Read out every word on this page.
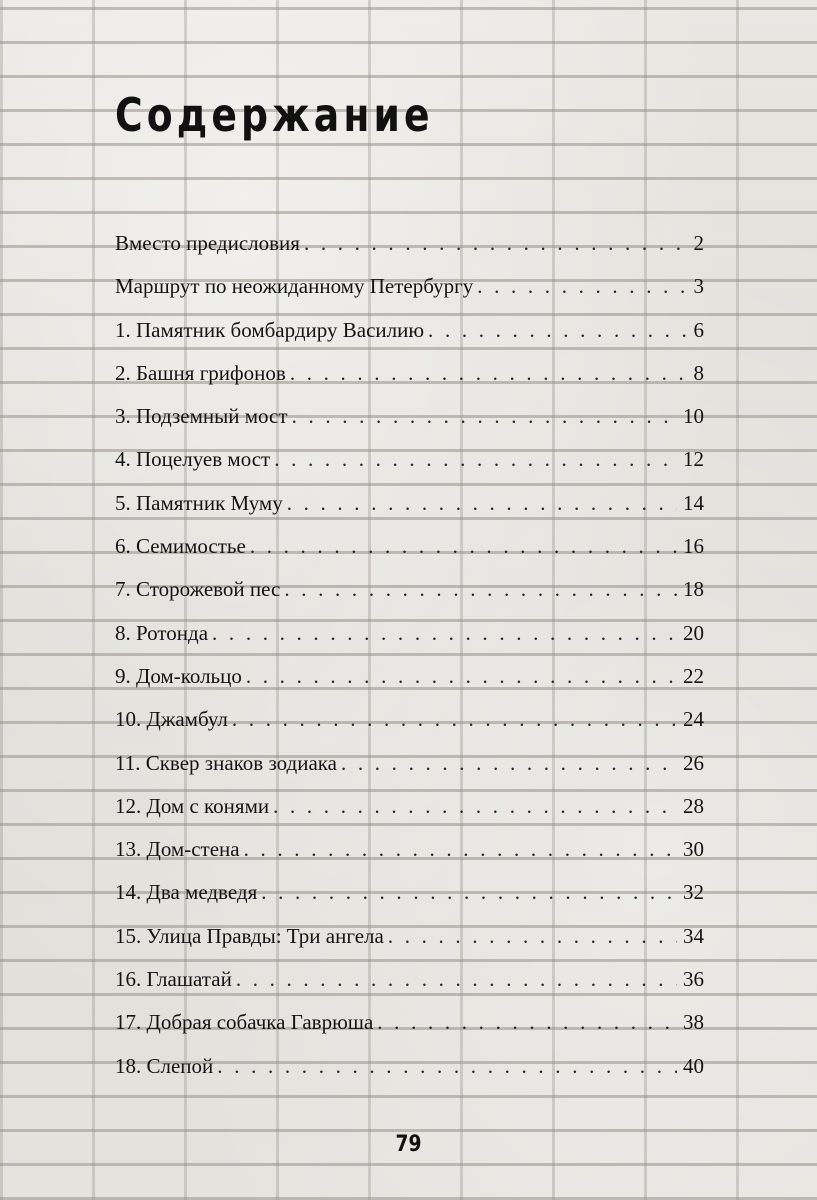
Содержание
Вместо предисловия . . .	2
Маршрут по неожиданному Петербургу . . .	3
1. Памятник бомбардиру Василию . . .	6
2. Башня грифонов . . .	8
3. Подземный мост . . .	10
4. Поцелуев мост . . .	12
5. Памятник Муму . . .	14
6. Семимостье . . .	16
7. Сторожевой пес . . .	18
8. Ротонда . . .	20
9. Дом-кольцо . . .	22
10. Джамбул . . .	24
11. Сквер знаков зодиака . . .	26
12. Дом с конями . . .	28
13. Дом-стена . . .	30
14. Два медведя . . .	32
15. Улица Правды: Три ангела . . .	34
16. Глашатай . . .	36
17. Добрая собачка Гаврюша . . .	38
18. Слепой . . .	40
79
